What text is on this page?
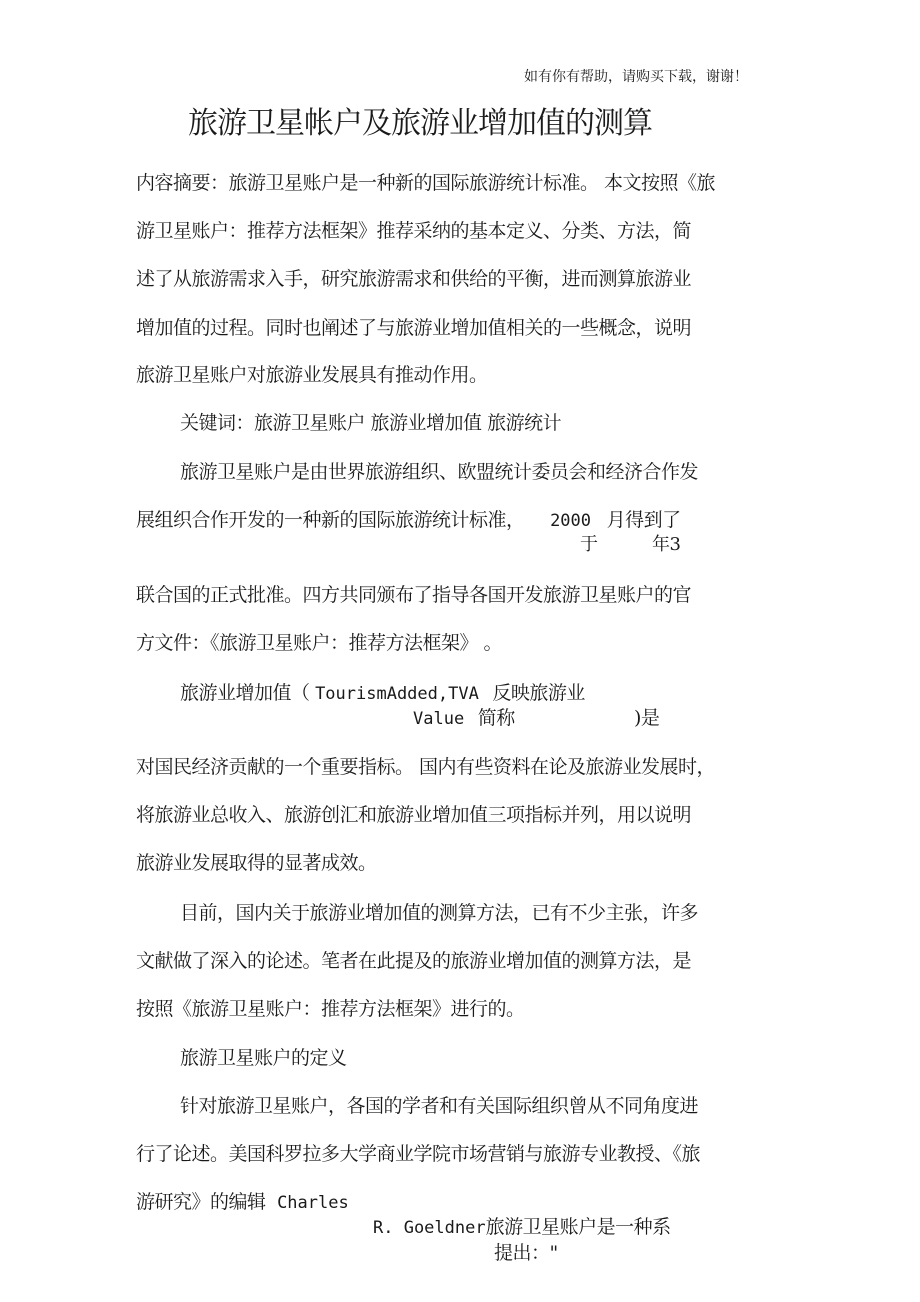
如有你有帮助，请购买下载，谢谢！
旅游卫星帐户及旅游业增加值的测算
内容摘要：旅游卫星账户是一种新的国际旅游统计标准。 本文按照《旅
游卫星账户：推荐方法框架》推荐采纳的基本定义、分类、方法，简
述了从旅游需求入手，研究旅游需求和供给的平衡，进而测算旅游业
增加值的过程。同时也阐述了与旅游业增加值相关的一些概念，说明
旅游卫星账户对旅游业发展具有推动作用。
关键词：旅游卫星账户 旅游业增加值 旅游统计
旅游卫星账户是由世界旅游组织、欧盟统计委员会和经济合作发
展组织合作开发的一种新的国际旅游统计标准， 2000 月得到了
于	年3
联合国的正式批准。四方共同颁布了指导各国开发旅游卫星账户的官
方文件：《旅游卫星账户：推荐方法框架》 。
旅游业增加值（ TourismAdded,TVA 反映旅游业
Value 简称	)是
对国民经济贡献的一个重要指标。 国内有些资料在论及旅游业发展时，
将旅游业总收入、旅游创汇和旅游业增加值三项指标并列，用以说明
旅游业发展取得的显著成效。
目前，国内关于旅游业增加值的测算方法，已有不少主张，许多
文献做了深入的论述。笔者在此提及的旅游业增加值的测算方法，是
按照《旅游卫星账户：推荐方法框架》进行的。
旅游卫星账户的定义
针对旅游卫星账户，各国的学者和有关国际组织曾从不同角度进
行了论述。美国科罗拉多大学商业学院市场营销与旅游专业教授、《旅
游研究》的编辑 Charles
R. Goeldner旅游卫星账户是一种系
提出："
